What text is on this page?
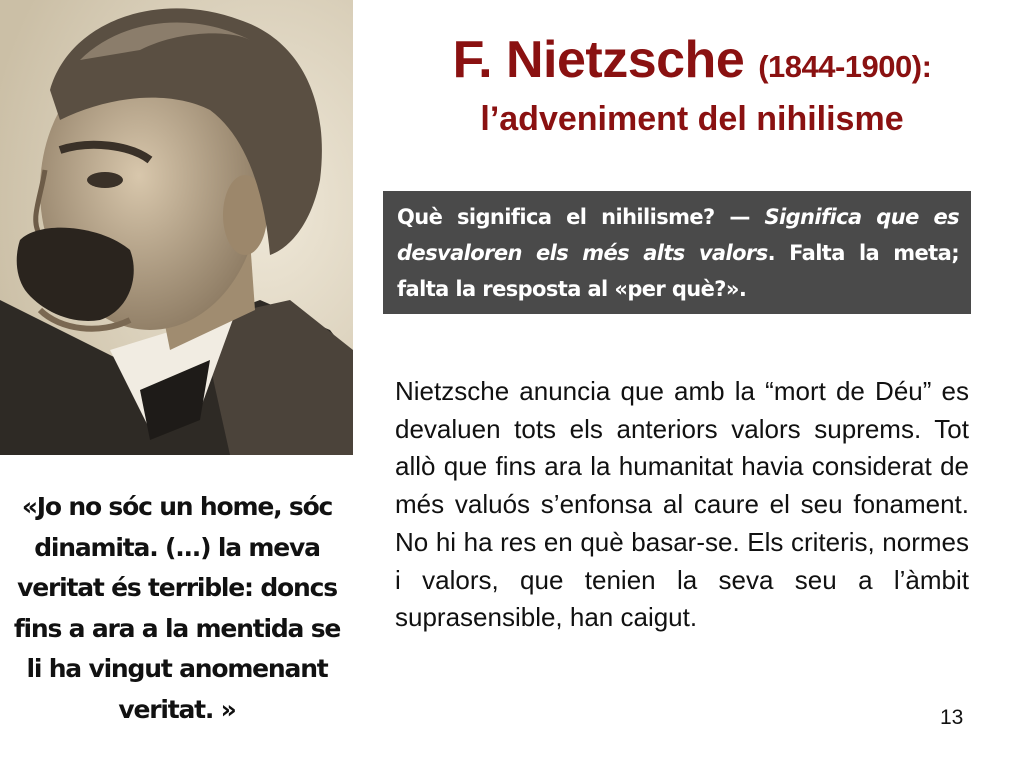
F. Nietzsche (1844-1900):
l’adveniment del nihilisme
Què significa el nihilisme? — Significa que es desvaloren els més alts valors. Falta la meta; falta la resposta al «per què?».
Nietzsche anuncia que amb la “mort de Déu” es devaluen tots els anteriors valors suprems. Tot allò que fins ara la humanitat havia considerat de més valuós s’enfonsa al caure el seu fonament. No hi ha res en què basar-se. Els criteris, normes i valors, que tenien la seva seu a l’àmbit suprasensible, han caigut.
«Jo no sóc un home, sóc dinamita. (...) la meva veritat és terrible: doncs fins a ara a la mentida se li ha vingut anomenant veritat. »	13
